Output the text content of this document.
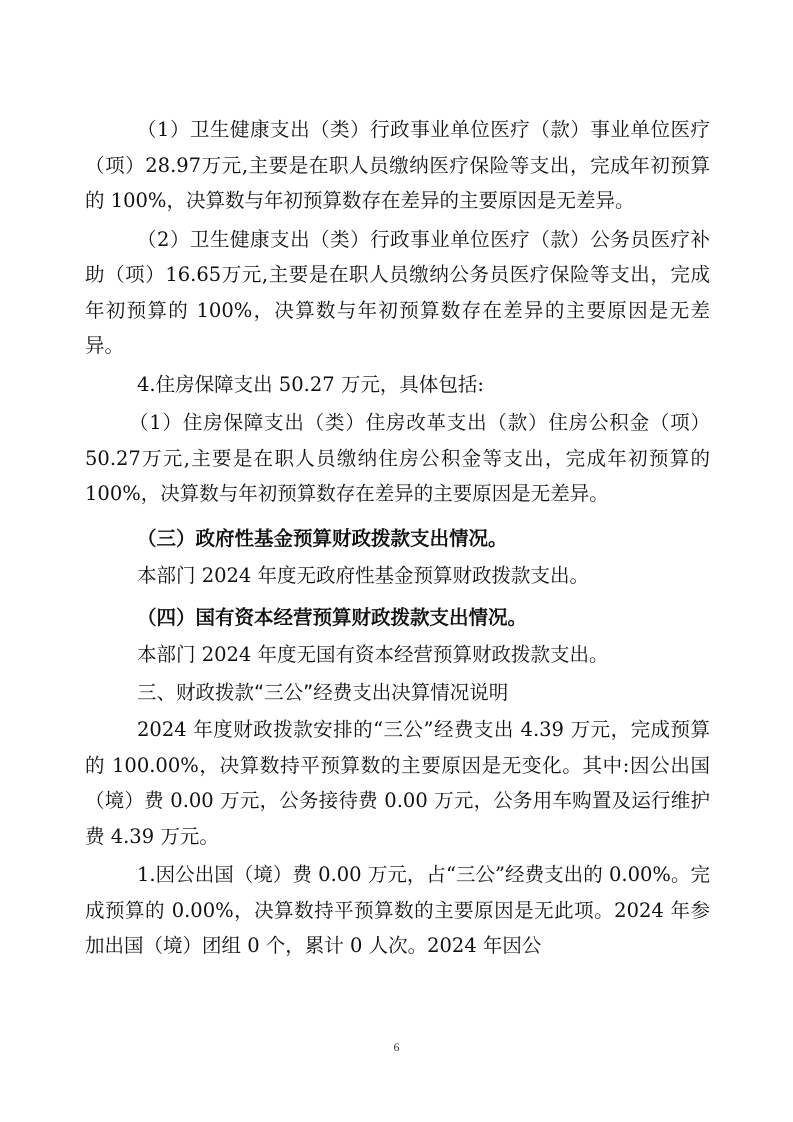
（1）卫生健康支出（类）行政事业单位医疗（款）事业单位医疗（项）28.97万元,主要是在职人员缴纳医疗保险等支出，完成年初预算的 100%，决算数与年初预算数存在差异的主要原因是无差异。

（2）卫生健康支出（类）行政事业单位医疗（款）公务员医疗补助（项）16.65万元,主要是在职人员缴纳公务员医疗保险等支出，完成年初预算的 100%，决算数与年初预算数存在差异的主要原因是无差异。

4.住房保障支出 50.27 万元，具体包括:

（1）住房保障支出（类）住房改革支出（款）住房公积金（项）50.27万元,主要是在职人员缴纳住房公积金等支出，完成年初预算的 100%，决算数与年初预算数存在差异的主要原因是无差异。

（三）政府性基金预算财政拨款支出情况。

本部门 2024 年度无政府性基金预算财政拨款支出。

（四）国有资本经营预算财政拨款支出情况。

本部门 2024 年度无国有资本经营预算财政拨款支出。

三、财政拨款“三公”经费支出决算情况说明

2024 年度财政拨款安排的“三公”经费支出 4.39 万元，完成预算的 100.00%，决算数持平预算数的主要原因是无变化。其中:因公出国（境）费 0.00 万元，公务接待费 0.00 万元，公务用车购置及运行维护费 4.39 万元。

1.因公出国（境）费 0.00 万元，占“三公”经费支出的 0.00%。完成预算的 0.00%，决算数持平预算数的主要原因是无此项。2024 年参加出国（境）团组 0 个，累计 0 人次。2024 年因公

6
